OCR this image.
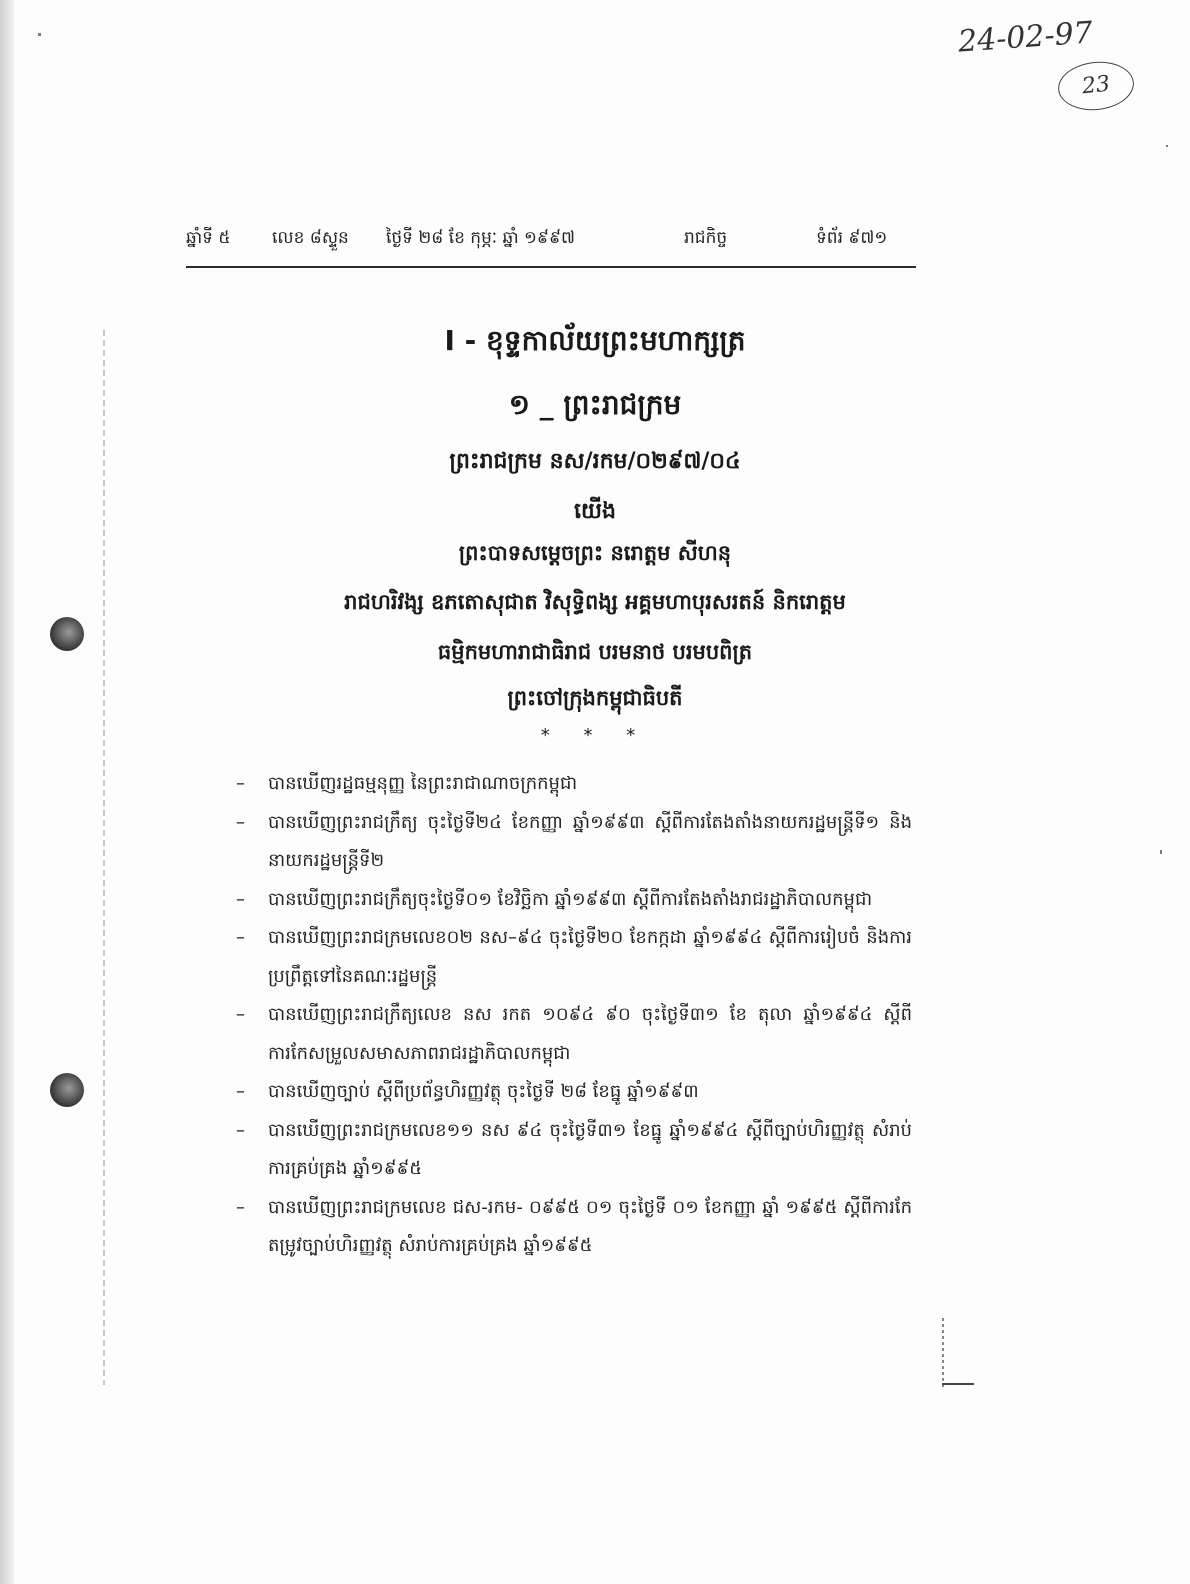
24-02-97
23
ឆ្នាំទី ៥ លេខ ៨ស្ទួន ថ្ងៃទី ២៨ ខែ កុម្ភៈ ឆ្នាំ ១៩៩៧	រាជកិច្ច	ទំព័រ ៩៧១
I - ខុទ្ទកាល័យព្រះមហាក្សត្រ
១ _ ព្រះរាជក្រម
ព្រះរាជក្រម នស/រកម/០២៩៧/០៤
យើង
ព្រះបាទសម្តេចព្រះ នរោត្តម សីហនុ
រាជហរិវង្ស ឧភតោសុជាត វិសុទ្ធិពង្ស អគ្គមហាបុរសរតន៍ និករោត្តម
ធម្មិកមហារាជាធិរាជ បរមនាថ បរមបពិត្រ
ព្រះចៅក្រុងកម្ពុជាធិបតី
* * *
– បានឃើញរដ្ឋធម្មនុញ្ញ នៃព្រះរាជាណាចក្រកម្ពុជា
– បានឃើញព្រះរាជក្រឹត្យ ចុះថ្ងៃទី២៤ ខែកញ្ញា ឆ្នាំ១៩៩៣ ស្តីពីការតែងតាំងនាយករដ្ឋមន្ត្រីទី១ និងនាយករដ្ឋមន្ត្រីទី២
– បានឃើញព្រះរាជក្រឹត្យចុះថ្ងៃទី០១ ខែវិច្ឆិកា ឆ្នាំ១៩៩៣ ស្តីពីការតែងតាំងរាជរដ្ឋាភិបាលកម្ពុជា
– បានឃើញព្រះរាជក្រមលេខ០២ នស–៩៤ ចុះថ្ងៃទី២០ ខែកក្កដា ឆ្នាំ១៩៩៤ ស្តីពីការរៀបចំ និងការប្រព្រឹត្តទៅនៃគណៈរដ្ឋមន្ត្រី
– បានឃើញព្រះរាជក្រឹត្យលេខ នស រកត ១០៩៤ ៩០ ចុះថ្ងៃទី៣១ ខែ តុលា ឆ្នាំ១៩៩៤ ស្តីពីការកែសម្រួលសមាសភាពរាជរដ្ឋាភិបាលកម្ពុជា
– បានឃើញច្បាប់ ស្តីពីប្រព័ន្ធហិរញ្ញវត្ថុ ចុះថ្ងៃទី ២៨ ខែធ្នូ ឆ្នាំ១៩៩៣
– បានឃើញព្រះរាជក្រមលេខ១១ នស ៩៤ ចុះថ្ងៃទី៣១ ខែធ្នូ ឆ្នាំ១៩៩៤ ស្តីពីច្បាប់ហិរញ្ញវត្ថុ សំរាប់ការគ្រប់គ្រង ឆ្នាំ១៩៩៥
– បានឃើញព្រះរាជក្រមលេខ ជស-រកម- ០៩៩៥ ០១ ចុះថ្ងៃទី ០១ ខែកញ្ញា ឆ្នាំ ១៩៩៥ ស្តីពីការកែ តម្រូវច្បាប់ហិរញ្ញវត្ថុ សំរាប់ការគ្រប់គ្រង ឆ្នាំ១៩៩៥
